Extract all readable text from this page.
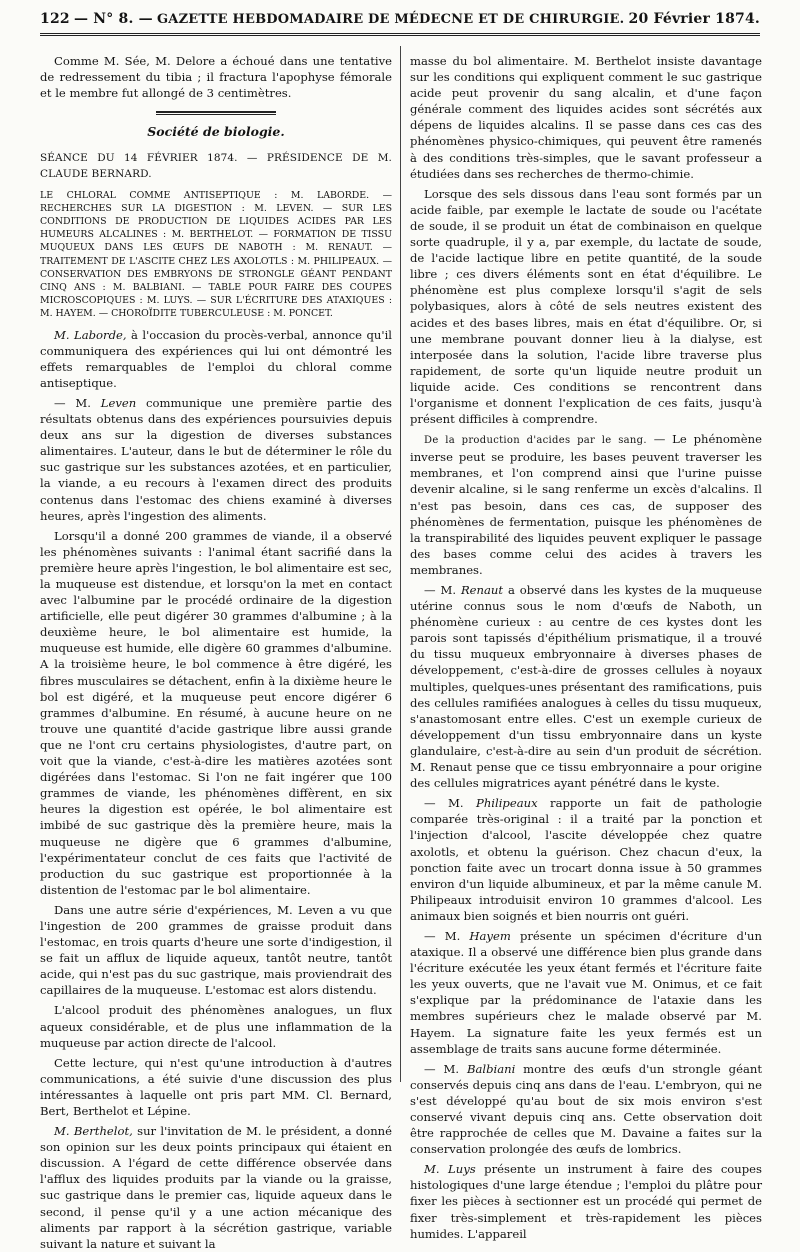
122 — N° 8. — GAZETTE HEBDOMADAIRE DE MÉDECNE ET DE CHIRURGIE. 20 Février 1874.

Comme M. Sée, M. Delore a échoué dans une tentative de redressement du tibia ; il fractura l'apophyse fémorale et le membre fut allongé de 3 centimètres.

Société de biologie.

SÉANCE DU 14 FÉVRIER 1874. — PRÉSIDENCE DE M. CLAUDE BERNARD.

LE CHLORAL COMME ANTISEPTIQUE : M. LABORDE. — RECHERCHES SUR LA DIGESTION : M. LEVEN. — SUR LES CONDITIONS DE PRODUCTION DE LIQUIDES ACIDES PAR LES HUMEURS ALCALINES : M. BERTHELOT. — FORMATION DE TISSU MUQUEUX DANS LES ŒUFS DE NABOTH : M. RENAUT. — TRAITEMENT DE L'ASCITE CHEZ LES AXOLOTLS : M. PHILIPEAUX. — CONSERVATION DES EMBRYONS DE STRONGLE GÉANT PENDANT CINQ ANS : M. BALBIANI. — TABLE POUR FAIRE DES COUPES MICROSCOPIQUES : M. LUYS. — SUR L'ÉCRITURE DES ATAXIQUES : M. HAYEM. — CHOROÏDITE TUBERCULEUSE : M. PONCET.

M. Laborde, à l'occasion du procès-verbal, annonce qu'il communiquera des expériences qui lui ont démontré les effets remarquables de l'emploi du chloral comme antiseptique.

— M. Leven communique une première partie des résultats obtenus dans des expériences poursuivies depuis deux ans sur la digestion de diverses substances alimentaires. L'auteur, dans le but de déterminer le rôle du suc gastrique sur les substances azotées, et en particulier, la viande, a eu recours à l'examen direct des produits contenus dans l'estomac des chiens examiné à diverses heures, après l'ingestion des aliments.

Lorsqu'il a donné 200 grammes de viande, il a observé les phénomènes suivants : l'animal étant sacrifié dans la première heure après l'ingestion, le bol alimentaire est sec, la muqueuse est distendue, et lorsqu'on la met en contact avec l'albumine par le procédé ordinaire de la digestion artificielle, elle peut digérer 30 grammes d'albumine ; à la deuxième heure, le bol alimentaire est humide, la muqueuse est humide, elle digère 60 grammes d'albumine. A la troisième heure, le bol commence à être digéré, les fibres musculaires se détachent, enfin à la dixième heure le bol est digéré, et la muqueuse peut encore digérer 6 grammes d'albumine. En résumé, à aucune heure on ne trouve une quantité d'acide gastrique libre aussi grande que ne l'ont cru certains physiologistes, d'autre part, on voit que la viande, c'est-à-dire les matières azotées sont digérées dans l'estomac. Si l'on ne fait ingérer que 100 grammes de viande, les phénomènes diffèrent, en six heures la digestion est opérée, le bol alimentaire est imbibé de suc gastrique dès la première heure, mais la muqueuse ne digère que 6 grammes d'albumine, l'expérimentateur conclut de ces faits que l'activité de production du suc gastrique est proportionnée à la distention de l'estomac par le bol alimentaire.

Dans une autre série d'expériences, M. Leven a vu que l'ingestion de 200 grammes de graisse produit dans l'estomac, en trois quarts d'heure une sorte d'indigestion, il se fait un afflux de liquide aqueux, tantôt neutre, tantôt acide, qui n'est pas du suc gastrique, mais proviendrait des capillaires de la muqueuse. L'estomac est alors distendu.

L'alcool produit des phénomènes analogues, un flux aqueux considérable, et de plus une inflammation de la muqueuse par action directe de l'alcool.

Cette lecture, qui n'est qu'une introduction à d'autres communications, a été suivie d'une discussion des plus intéressantes à laquelle ont pris part MM. Cl. Bernard, Bert, Berthelot et Lépine.

M. Berthelot, sur l'invitation de M. le président, a donné son opinion sur les deux points principaux qui étaient en discussion. A l'égard de cette différence observée dans l'afflux des liquides produits par la viande ou la graisse, suc gastrique dans le premier cas, liquide aqueux dans le second, il pense qu'il y a une action mécanique des aliments par rapport à la sécrétion gastrique, variable suivant la nature et suivant la

masse du bol alimentaire. M. Berthelot insiste davantage sur les conditions qui expliquent comment le suc gastrique acide peut provenir du sang alcalin, et d'une façon générale comment des liquides acides sont sécrétés aux dépens de liquides alcalins. Il se passe dans ces cas des phénomènes physico-chimiques, qui peuvent être ramenés à des conditions très-simples, que le savant professeur a étudiées dans ses recherches de thermo-chimie.

Lorsque des sels dissous dans l'eau sont formés par un acide faible, par exemple le lactate de soude ou l'acétate de soude, il se produit un état de combinaison en quelque sorte quadruple, il y a, par exemple, du lactate de soude, de l'acide lactique libre en petite quantité, de la soude libre ; ces divers éléments sont en état d'équilibre. Le phénomène est plus complexe lorsqu'il s'agit de sels polybasiques, alors à côté de sels neutres existent des acides et des bases libres, mais en état d'équilibre. Or, si une membrane pouvant donner lieu à la dialyse, est interposée dans la solution, l'acide libre traverse plus rapidement, de sorte qu'un liquide neutre produit un liquide acide. Ces conditions se rencontrent dans l'organisme et donnent l'explication de ces faits, jusqu'à présent difficiles à comprendre.

De la production d'acides par le sang. — Le phénomène inverse peut se produire, les bases peuvent traverser les membranes, et l'on comprend ainsi que l'urine puisse devenir alcaline, si le sang renferme un excès d'alcalins. Il n'est pas besoin, dans ces cas, de supposer des phénomènes de fermentation, puisque les phénomènes de la transpirabilité des liquides peuvent expliquer le passage des bases comme celui des acides à travers les membranes.

— M. Renaut a observé dans les kystes de la muqueuse utérine connus sous le nom d'œufs de Naboth, un phénomène curieux : au centre de ces kystes dont les parois sont tapissés d'épithélium prismatique, il a trouvé du tissu muqueux embryonnaire à diverses phases de développement, c'est-à-dire de grosses cellules à noyaux multiples, quelques-unes présentant des ramifications, puis des cellules ramifiées analogues à celles du tissu muqueux, s'anastomosant entre elles. C'est un exemple curieux de développement d'un tissu embryonnaire dans un kyste glandulaire, c'est-à-dire au sein d'un produit de sécrétion. M. Renaut pense que ce tissu embryonnaire a pour origine des cellules migratrices ayant pénétré dans le kyste.

— M. Philipeaux rapporte un fait de pathologie comparée très-original : il a traité par la ponction et l'injection d'alcool, l'ascite développée chez quatre axolotls, et obtenu la guérison. Chez chacun d'eux, la ponction faite avec un trocart donna issue à 50 grammes environ d'un liquide albumineux, et par la même canule M. Philipeaux introduisit environ 10 grammes d'alcool. Les animaux bien soignés et bien nourris ont guéri.

— M. Hayem présente un spécimen d'écriture d'un ataxique. Il a observé une différence bien plus grande dans l'écriture exécutée les yeux étant fermés et l'écriture faite les yeux ouverts, que ne l'avait vue M. Onimus, et ce fait s'explique par la prédominance de l'ataxie dans les membres supérieurs chez le malade observé par M. Hayem. La signature faite les yeux fermés est un assemblage de traits sans aucune forme déterminée.

— M. Balbiani montre des œufs d'un strongle géant conservés depuis cinq ans dans de l'eau. L'embryon, qui ne s'est développé qu'au bout de six mois environ s'est conservé vivant depuis cinq ans. Cette observation doit être rapprochée de celles que M. Davaine a faites sur la conservation prolongée des œufs de lombrics.

M. Luys présente un instrument à faire des coupes histologiques d'une large étendue ; l'emploi du plâtre pour fixer les pièces à sectionner est un procédé qui permet de fixer très-simplement et très-rapidement les pièces humides. L'appareil
